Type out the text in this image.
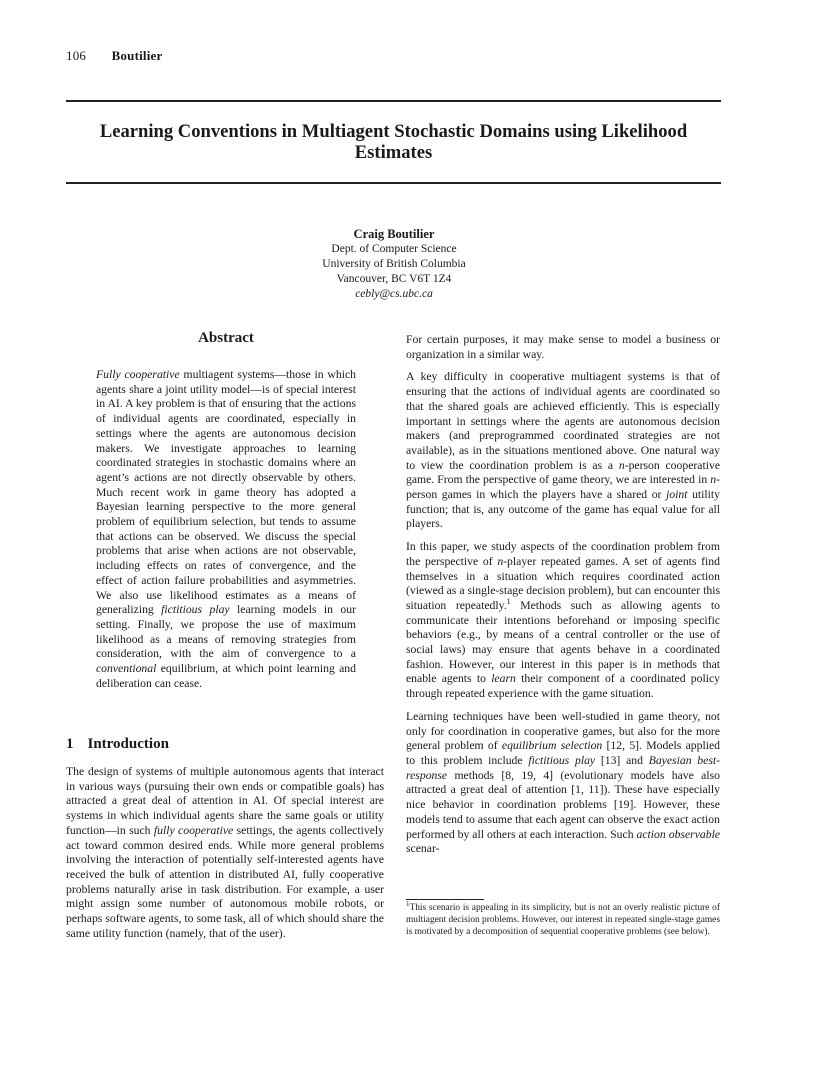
106 Boutilier
Learning Conventions in Multiagent Stochastic Domains using Likelihood Estimates
Craig Boutilier
Dept. of Computer Science
University of British Columbia
Vancouver, BC V6T 1Z4
cebly@cs.ubc.ca
Abstract

Fully cooperative multiagent systems—those in which agents share a joint utility model—is of special interest in AI. A key problem is that of ensuring that the actions of individual agents are coordinated, especially in settings where the agents are autonomous decision makers. We investigate approaches to learning coordinated strategies in stochastic domains where an agent’s actions are not directly observable by others. Much recent work in game theory has adopted a Bayesian learning perspective to the more general problem of equilibrium selection, but tends to assume that actions can be observed. We discuss the special problems that arise when actions are not observable, including effects on rates of convergence, and the effect of action failure probabilities and asymmetries. We also use likelihood estimates as a means of generalizing fictitious play learning models in our setting. Finally, we propose the use of maximum likelihood as a means of removing strategies from consideration, with the aim of convergence to a conventional equilibrium, at which point learning and deliberation can cease.

1 Introduction

The design of systems of multiple autonomous agents that interact in various ways (pursuing their own ends or compatible goals) has attracted a great deal of attention in AI. Of special interest are systems in which individual agents share the same goals or utility function—in such fully cooperative settings, the agents collectively act toward common desired ends. While more general problems involving the interaction of potentially self-interested agents have received the bulk of attention in distributed AI, fully cooperative problems naturally arise in task distribution. For example, a user might assign some number of autonomous mobile robots, or perhaps software agents, to some task, all of which should share the same utility function (namely, that of the user).

For certain purposes, it may make sense to model a business or organization in a similar way.

A key difficulty in cooperative multiagent systems is that of ensuring that the actions of individual agents are coordinated so that the shared goals are achieved efficiently. This is especially important in settings where the agents are autonomous decision makers (and preprogrammed coordinated strategies are not available), as in the situations mentioned above. One natural way to view the coordination problem is as a n-person cooperative game. From the perspective of game theory, we are interested in n-person games in which the players have a shared or joint utility function; that is, any outcome of the game has equal value for all players.

In this paper, we study aspects of the coordination problem from the perspective of n-player repeated games. A set of agents find themselves in a situation which requires coordinated action (viewed as a single-stage decision problem), but can encounter this situation repeatedly.$^1$ Methods such as allowing agents to communicate their intentions beforehand or imposing specific behaviors (e.g., by means of a central controller or the use of social laws) may ensure that agents behave in a coordinated fashion. However, our interest in this paper is in methods that enable agents to learn their component of a coordinated policy through repeated experience with the game situation.

Learning techniques have been well-studied in game theory, not only for coordination in cooperative games, but also for the more general problem of equilibrium selection [12, 5]. Models applied to this problem include fictitious play [13] and Bayesian best-response methods [8, 19, 4] (evolutionary models have also attracted a great deal of attention [1, 11]). These have especially nice behavior in coordination problems [19]. However, these models tend to assume that each agent can observe the exact action performed by all others at each interaction. Such action observable scenar-

$^1$This scenario is appealing in its simplicity, but is not an overly realistic picture of multiagent decision problems. However, our interest in repeated single-stage games is motivated by a decomposition of sequential cooperative problems (see below).
